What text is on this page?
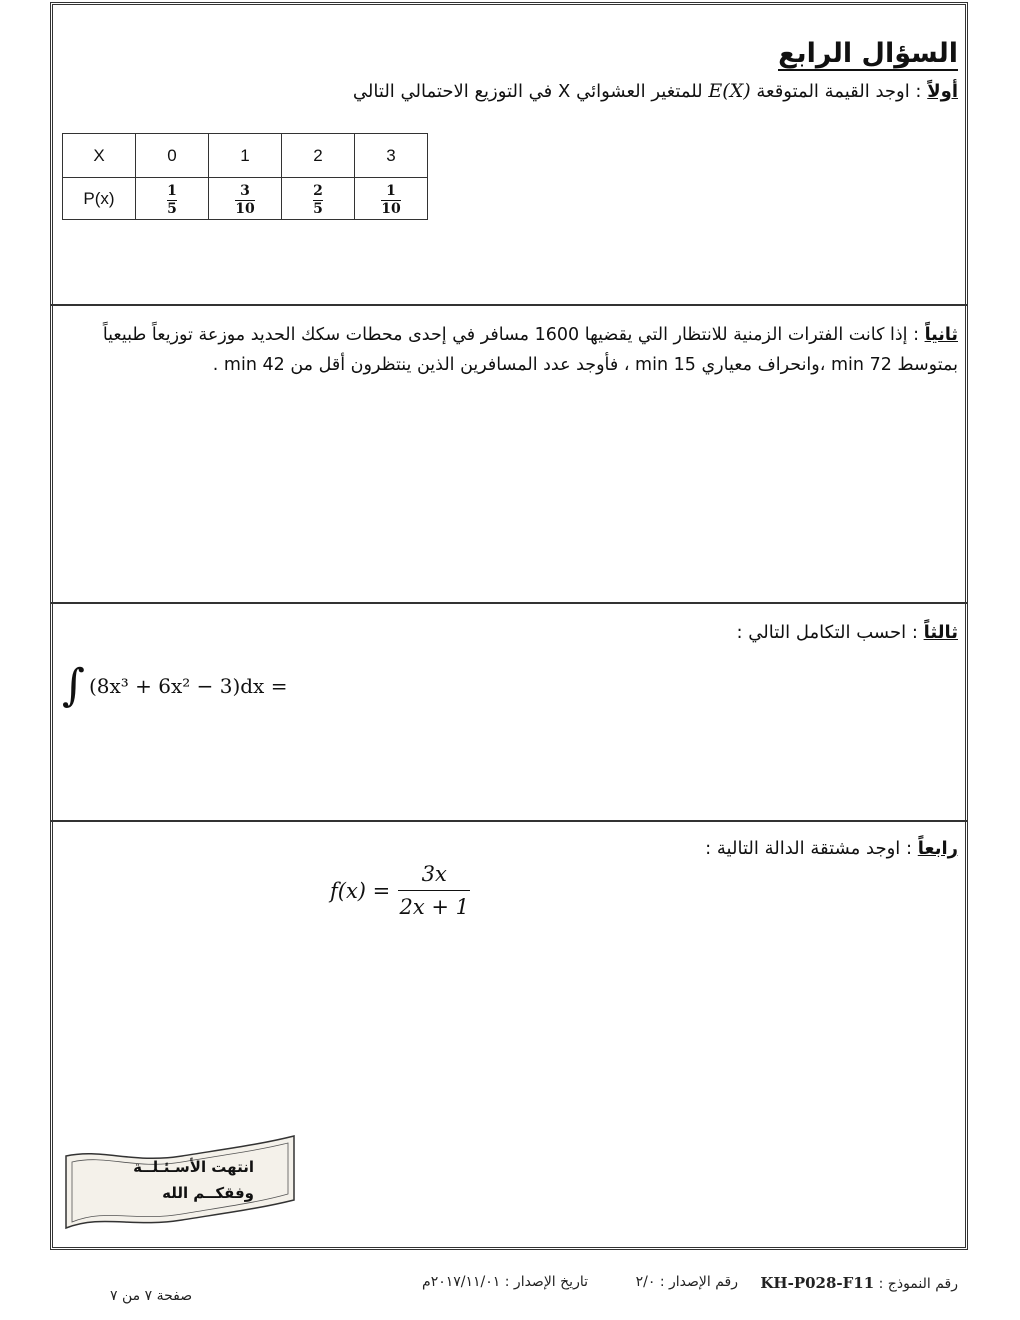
السؤال الرابع
أولاً : اوجد القيمة المتوقعة E(X) للمتغير العشوائي X في التوزيع الاحتمالي التالي
X	0	1	2	3
P(x)	$\frac{1}{5}$	$\frac{3}{10}$	$\frac{2}{5}$	$\frac{1}{10}$
ثانياً : إذا كانت الفترات الزمنية للانتظار التي يقضيها 1600 مسافر في إحدى محطات سكك الحديد موزعة توزيعاً طبيعياً
بمتوسط 72 min ،وانحراف معياري 15 min ، فأوجد عدد المسافرين الذين ينتظرون أقل من 42 min .
ثالثاً : احسب التكامل التالي :
∫ (8x³ + 6x² − 3)dx =
رابعاً : اوجد مشتقة الدالة التالية :
f(x) =
3x
2x + 1
انتهت الأسـئـلــة
وفقكــم الله
رقم النموذج : KH-P028-F11
رقم الإصدار : ٢/٠
تاريخ الإصدار : ٢٠١٧/١١/٠١م
صفحة ٧ من ٧
